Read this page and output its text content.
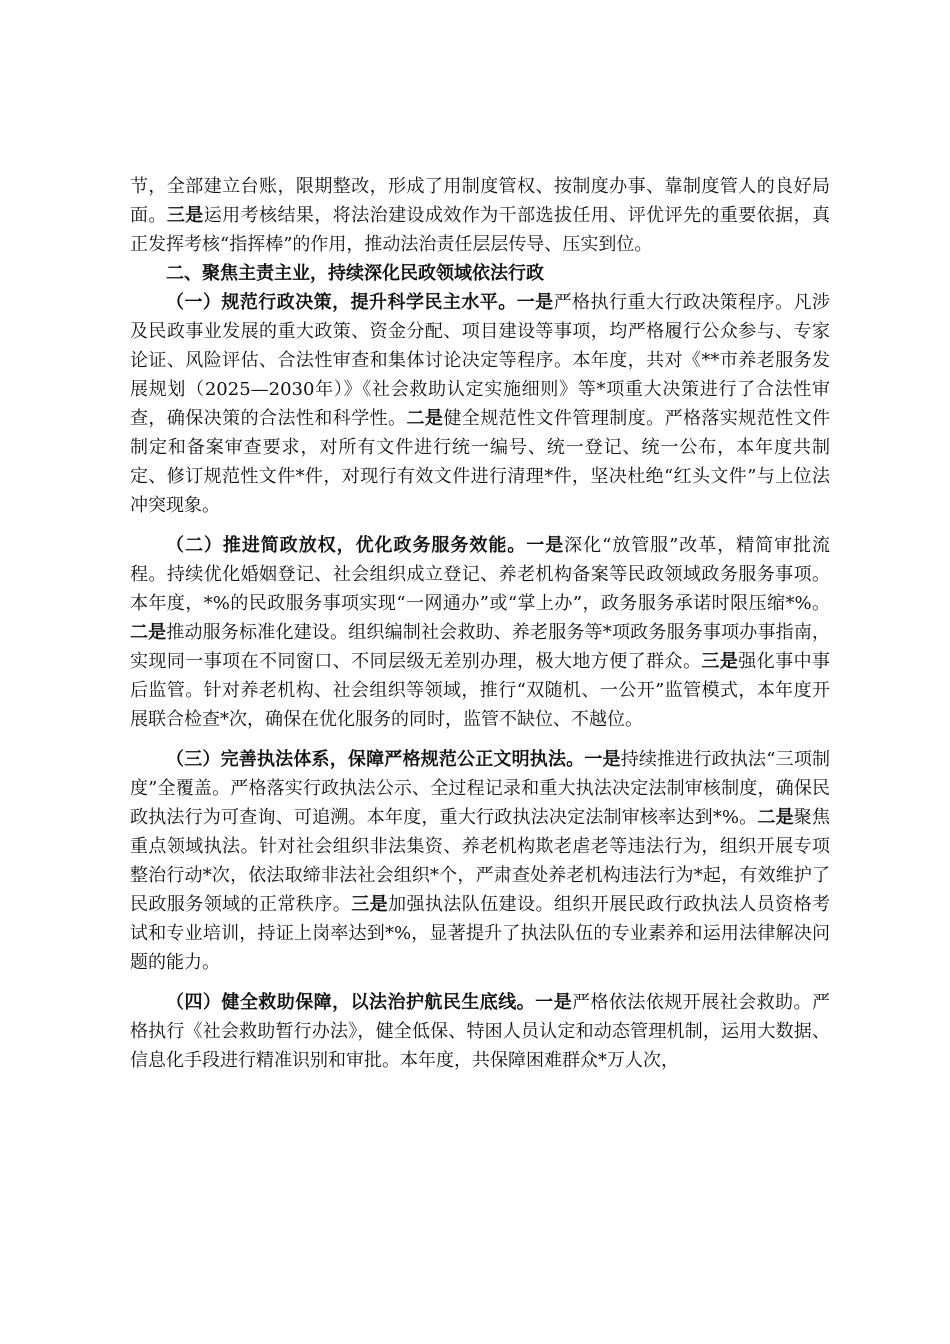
节，全部建立台账，限期整改，形成了用制度管权、按制度办事、靠制度管人的良好局面。三是运用考核结果，将法治建设成效作为干部选拔任用、评优评先的重要依据，真正发挥考核“指挥棒”的作用，推动法治责任层层传导、压实到位。

二、聚焦主责主业，持续深化民政领域依法行政

（一）规范行政决策，提升科学民主水平。一是严格执行重大行政决策程序。凡涉及民政事业发展的重大政策、资金分配、项目建设等事项，均严格履行公众参与、专家论证、风险评估、合法性审查和集体讨论决定等程序。本年度，共对《**市养老服务发展规划（2025—2030年）》《社会救助认定实施细则》等*项重大决策进行了合法性审查，确保决策的合法性和科学性。二是健全规范性文件管理制度。严格落实规范性文件制定和备案审查要求，对所有文件进行统一编号、统一登记、统一公布，本年度共制定、修订规范性文件*件，对现行有效文件进行清理*件，坚决杜绝“红头文件”与上位法冲突现象。

（二）推进简政放权，优化政务服务效能。一是深化“放管服”改革，精简审批流程。持续优化婚姻登记、社会组织成立登记、养老机构备案等民政领域政务服务事项。本年度，*%的民政服务事项实现“一网通办”或“掌上办”，政务服务承诺时限压缩*%。二是推动服务标准化建设。组织编制社会救助、养老服务等*项政务服务事项办事指南，实现同一事项在不同窗口、不同层级无差别办理，极大地方便了群众。三是强化事中事后监管。针对养老机构、社会组织等领域，推行“双随机、一公开”监管模式，本年度开展联合检查*次，确保在优化服务的同时，监管不缺位、不越位。

（三）完善执法体系，保障严格规范公正文明执法。一是持续推进行政执法“三项制度”全覆盖。严格落实行政执法公示、全过程记录和重大执法决定法制审核制度，确保民政执法行为可查询、可追溯。本年度，重大行政执法决定法制审核率达到*%。二是聚焦重点领域执法。针对社会组织非法集资、养老机构欺老虐老等违法行为，组织开展专项整治行动*次，依法取缔非法社会组织*个，严肃查处养老机构违法行为*起，有效维护了民政服务领域的正常秩序。三是加强执法队伍建设。组织开展民政行政执法人员资格考试和专业培训，持证上岗率达到*%，显著提升了执法队伍的专业素养和运用法律解决问题的能力。

（四）健全救助保障，以法治护航民生底线。一是严格依法依规开展社会救助。严格执行《社会救助暂行办法》，健全低保、特困人员认定和动态管理机制，运用大数据、信息化手段进行精准识别和审批。本年度，共保障困难群众*万人次，
